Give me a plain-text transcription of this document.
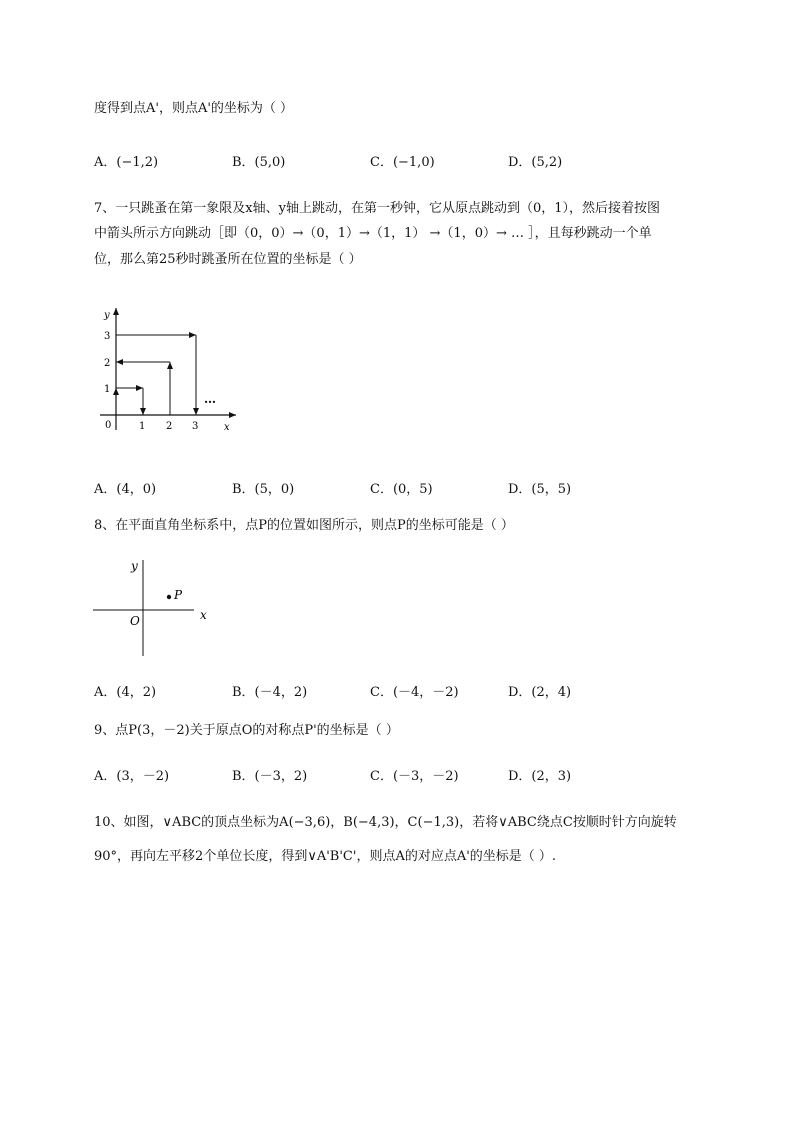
度得到点A'，则点A'的坐标为（ ）
A．(−1,2)	B．(5,0)	C．(−1,0)	D．(5,2)
7、一只跳蚤在第一象限及x轴、y轴上跳动，在第一秒钟，它从原点跳动到（0，1），然后接着按图
中箭头所示方向跳动［即（0，0）→（0，1）→（1，1） →（1，0）→ … ］，且每秒跳动一个单
位，那么第25秒时跳蚤所在位置的坐标是（ ）
y
1
2
3
0	1 2 3	x
…
A．(4，0)	B．(5，0)	C．(0，5)	D．(5，5)
8、在平面直角坐标系中，点P的位置如图所示，则点P的坐标可能是（ ）
P
y
x
O
A．(4，2)	B．(－4，2)	C．(－4，－2)	D．(2，4)
9、点P(3，－2)关于原点O的对称点P'的坐标是（ ）
A．(3，－2)	B．(－3，2)	C．(－3，－2)	D．(2，3)
10、如图，∨ABC的顶点坐标为A(−3,6)，B(−4,3)，C(−1,3)，若将∨ABC绕点C按顺时针方向旋转
90°，再向左平移2个单位长度，得到∨A'B'C'，则点A的对应点A'的坐标是（ ）.
